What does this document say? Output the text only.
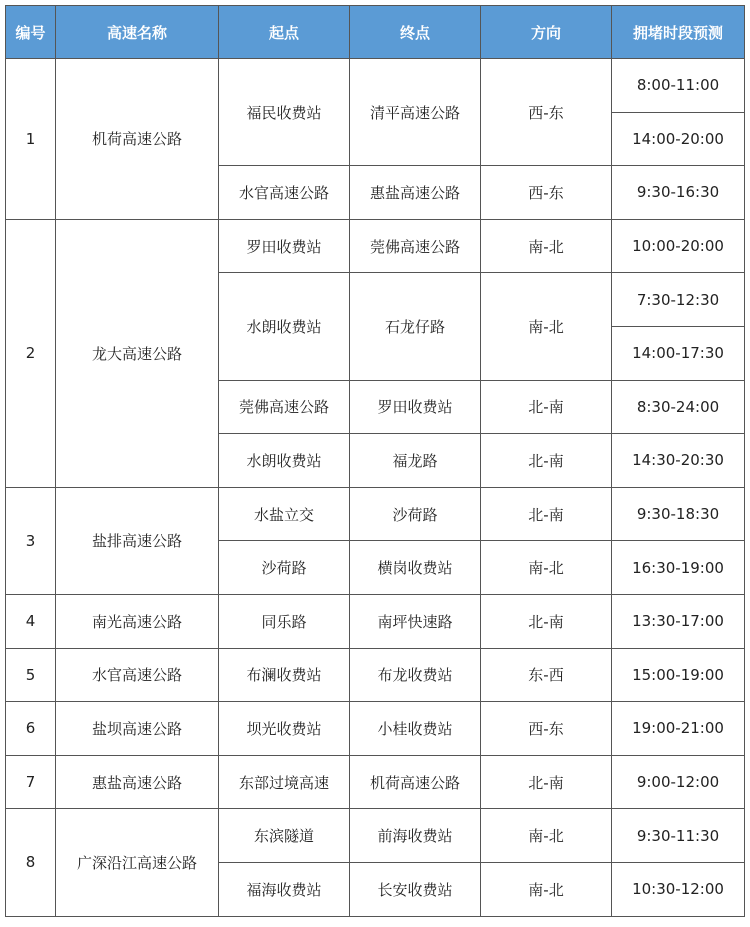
编号	高速名称	起点	终点	方向	拥堵时段预测
1	机荷高速公路	福民收费站	清平高速公路	西-东	8:00-11:00
					14:00-20:00
		水官高速公路	惠盐高速公路	西-东	9:30-16:30
2	龙大高速公路	罗田收费站	莞佛高速公路	南-北	10:00-20:00
		水朗收费站	石龙仔路	南-北	7:30-12:30
					14:00-17:30
		莞佛高速公路	罗田收费站	北-南	8:30-24:00
		水朗收费站	福龙路	北-南	14:30-20:30
3	盐排高速公路	水盐立交	沙荷路	北-南	9:30-18:30
		沙荷路	横岗收费站	南-北	16:30-19:00
4	南光高速公路	同乐路	南坪快速路	北-南	13:30-17:00
5	水官高速公路	布澜收费站	布龙收费站	东-西	15:00-19:00
6	盐坝高速公路	坝光收费站	小桂收费站	西-东	19:00-21:00
7	惠盐高速公路	东部过境高速	机荷高速公路	北-南	9:00-12:00
8	广深沿江高速公路	东滨隧道	前海收费站	南-北	9:30-11:30
		福海收费站	长安收费站	南-北	10:30-12:00
